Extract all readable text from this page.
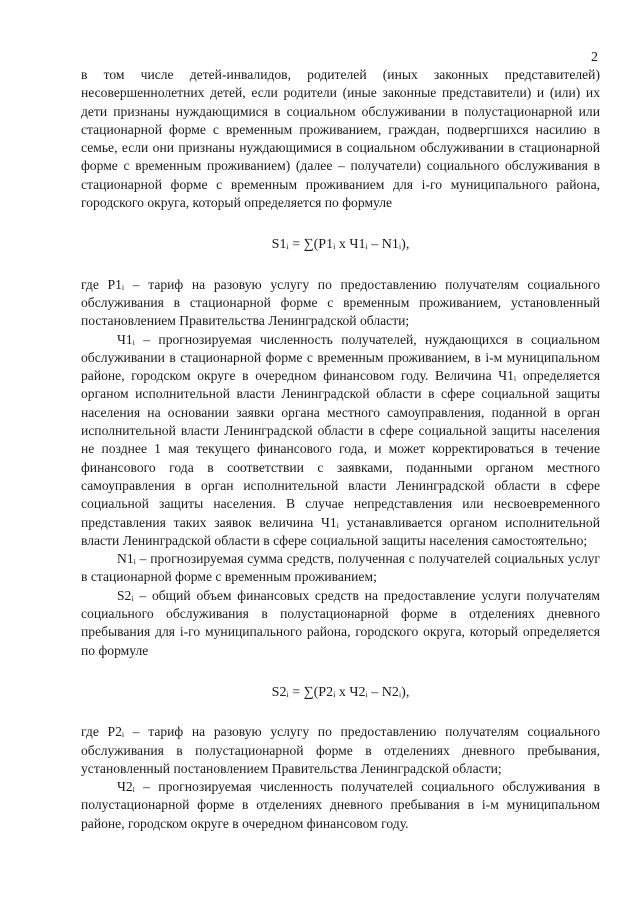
2

в том числе детей-инвалидов, родителей (иных законных представителей) несовершеннолетних детей, если родители (иные законные представители) и (или) их дети признаны нуждающимися в социальном обслуживании в полустационарной или стационарной форме с временным проживанием, граждан, подвергшихся насилию в семье, если они признаны нуждающимися в социальном обслуживании в стационарной форме с временным проживанием) (далее – получатели) социального обслуживания в стационарной форме с временным проживанием для i-го муниципального района, городского округа, который определяется по формуле

S1ᵢ = ∑(P1ᵢ x Ч1ᵢ – N1ᵢ),

где P1ᵢ – тариф на разовую услугу по предоставлению получателям социального обслуживания в стационарной форме с временным проживанием, установленный постановлением Правительства Ленинградской области;

Ч1ᵢ – прогнозируемая численность получателей, нуждающихся в социальном обслуживании в стационарной форме с временным проживанием, в i-м муниципальном районе, городском округе в очередном финансовом году. Величина Ч1ᵢ определяется органом исполнительной власти Ленинградской области в сфере социальной защиты населения на основании заявки органа местного самоуправления, поданной в орган исполнительной власти Ленинградской области в сфере социальной защиты населения не позднее 1 мая текущего финансового года, и может корректироваться в течение финансового года в соответствии с заявками, поданными органом местного самоуправления в орган исполнительной власти Ленинградской области в сфере социальной защиты населения. В случае непредставления или несвоевременного представления таких заявок величина Ч1ᵢ устанавливается органом исполнительной власти Ленинградской области в сфере социальной защиты населения самостоятельно;

N1ᵢ – прогнозируемая сумма средств, полученная с получателей социальных услуг в стационарной форме с временным проживанием;

S2ᵢ – общий объем финансовых средств на предоставление услуги получателям социального обслуживания в полустационарной форме в отделениях дневного пребывания для i-го муниципального района, городского округа, который определяется по формуле

S2ᵢ = ∑(P2ᵢ x Ч2ᵢ – N2ᵢ),

где P2ᵢ – тариф на разовую услугу по предоставлению получателям социального обслуживания в полустационарной форме в отделениях дневного пребывания, установленный постановлением Правительства Ленинградской области;

Ч2ᵢ – прогнозируемая численность получателей социального обслуживания в полустационарной форме в отделениях дневного пребывания в i-м муниципальном районе, городском округе в очередном финансовом году.
